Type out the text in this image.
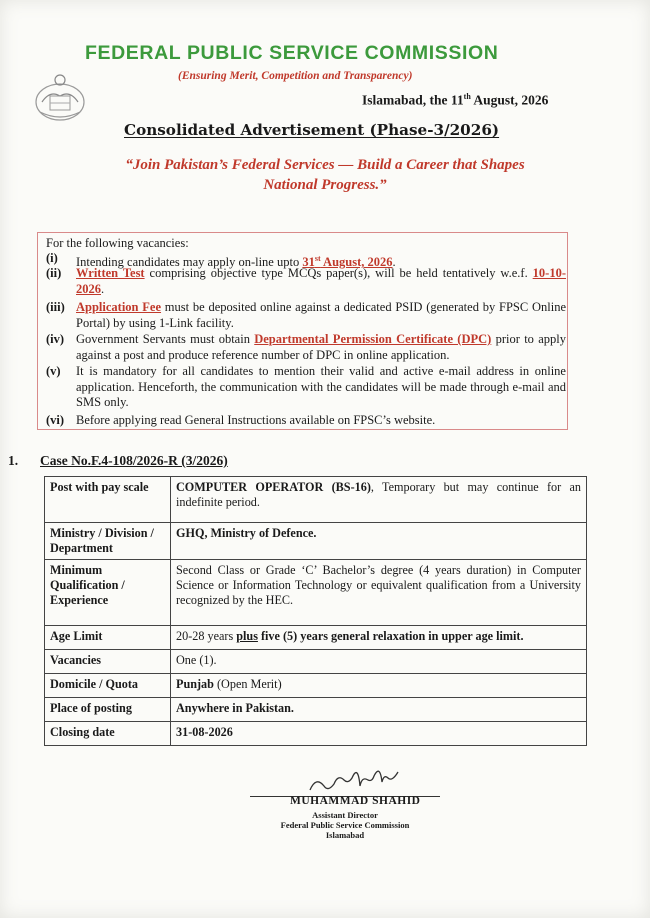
FEDERAL PUBLIC SERVICE COMMISSION
(Ensuring Merit, Competition and Transparency)
Islamabad, the 11th August, 2026
Consolidated Advertisement (Phase-3/2026)
“Join Pakistan’s Federal Services — Build a Career that Shapes
National Progress.”
For the following vacancies:
(i) Intending candidates may apply on-line upto 31st August, 2026.
(ii) Written Test comprising objective type MCQs paper(s), will be held tentatively w.e.f. 10-10-2026.
(iii) Application Fee must be deposited online against a dedicated PSID (generated by FPSC Online Portal) by using 1-Link facility.
(iv) Government Servants must obtain Departmental Permission Certificate (DPC) prior to apply against a post and produce reference number of DPC in online application.
(v) It is mandatory for all candidates to mention their valid and active e-mail address in online application. Henceforth, the communication with the candidates will be made through e-mail and SMS only.
(vi) Before applying read General Instructions available on FPSC’s website.
1. Case No.F.4-108/2026-R (3/2026)
Post with pay scale	COMPUTER OPERATOR (BS-16), Temporary but may continue for an indefinite period.
Ministry / Division / Department	GHQ, Ministry of Defence.
Minimum Qualification / Experience	Second Class or Grade ‘C’ Bachelor’s degree (4 years duration) in Computer Science or Information Technology or equivalent qualification from a University recognized by the HEC.
Age Limit	20-28 years plus five (5) years general relaxation in upper age limit.
Vacancies	One (1).
Domicile / Quota	Punjab (Open Merit)
Place of posting	Anywhere in Pakistan.
Closing date	31-08-2026
MUHAMMAD SHAHID
Assistant Director
Federal Public Service Commission
Islamabad
